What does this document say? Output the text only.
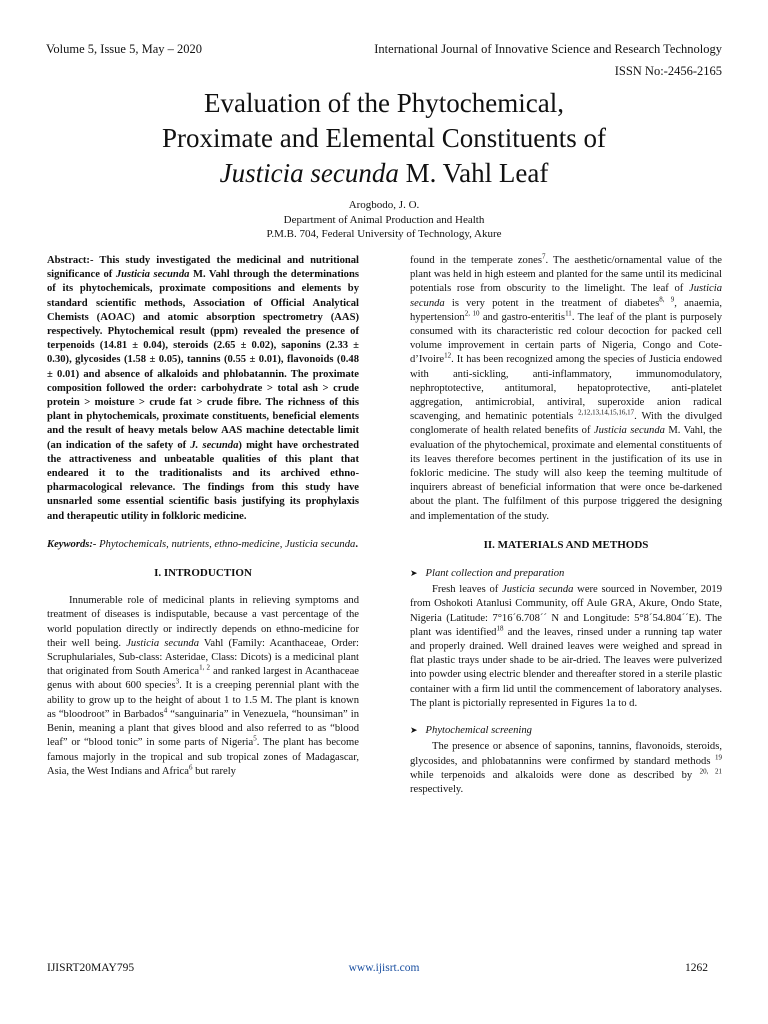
Volume 5, Issue 5, May – 2020	International Journal of Innovative Science and Research Technology
ISSN No:-2456-2165
Evaluation of the Phytochemical,
Proximate and Elemental Constituents of
Justicia secunda M. Vahl Leaf
Arogbodo, J. O.
Department of Animal Production and Health
P.M.B. 704, Federal University of Technology, Akure

Abstract:- This study investigated the medicinal and nutritional significance of Justicia secunda M. Vahl through the determinations of its phytochemicals, proximate compositions and elements by standard scientific methods, Association of Official Analytical Chemists (AOAC) and atomic absorption spectrometry (AAS) respectively. Phytochemical result (ppm) revealed the presence of terpenoids (14.81 ± 0.04), steroids (2.65 ± 0.02), saponins (2.33 ± 0.30), glycosides (1.58 ± 0.05), tannins (0.55 ± 0.01), flavonoids (0.48 ± 0.01) and absence of alkaloids and phlobatannin. The proximate composition followed the order: carbohydrate > total ash > crude protein > moisture > crude fat > crude fibre. The richness of this plant in phytochemicals, proximate constituents, beneficial elements and the result of heavy metals below AAS machine detectable limit (an indication of the safety of J. secunda) might have orchestrated the attractiveness and unbeatable qualities of this plant that endeared it to the traditionalists and its archived ethno-pharmacological relevance. The findings from this study have unsnarled some essential scientific basis justifying its prophylaxis and therapeutic utility in folkloric medicine.

Keywords:- Phytochemicals, nutrients, ethno-medicine, Justicia secunda.

I. INTRODUCTION

Innumerable role of medicinal plants in relieving symptoms and treatment of diseases is indisputable, because a vast percentage of the world population directly or indirectly depends on ethno-medicine for their well being. Justicia secunda Vahl (Family: Acanthaceae, Order: Scruphulariales, Sub-class: Asteridae, Class: Dicots) is a medicinal plant that originated from South America$^{1, 2}$ and ranked largest in Acanthaceae genus with about 600 species$^3$. It is a creeping perennial plant with the ability to grow up to the height of about 1 to 1.5 M. The plant is known as “bloodroot” in Barbados$^4$ “sanguinaria” in Venezuela, “hounsiman” in Benin, meaning a plant that gives blood and also referred to as “blood leaf” or “blood tonic” in some parts of Nigeria$^5$. The plant has become famous majorly in the tropical and sub tropical zones of Madagascar, Asia, the West Indians and Africa$^6$ but rarely

found in the temperate zones$^7$. The aesthetic/ornamental value of the plant was held in high esteem and planted for the same until its medicinal potentials rose from obscurity to the limelight. The leaf of Justicia secunda is very potent in the treatment of diabetes$^{8, 9}$, anaemia, hypertension$^{2, 10}$ and gastro-enteritis$^{11}$. The leaf of the plant is purposely consumed with its characteristic red colour decoction for packed cell volume improvement in certain parts of Nigeria, Congo and Cote-d’Ivoire$^{12}$. It has been recognized among the species of Justicia endowed with anti-sickling, anti-inflammatory, immunomodulatory, nephroptotective, antitumoral, hepatoprotective, anti-platelet aggregation, antimicrobial, antiviral, superoxide anion radical scavenging, and hematinic potentials $^{2,12,13,14,15,16,17}$. With the divulged conglomerate of health related benefits of Justicia secunda M. Vahl, the evaluation of the phytochemical, proximate and elemental constituents of its leaves therefore becomes pertinent in the justification of its use in fokloric medicine. The study will also keep the teeming multitude of inquirers abreast of beneficial information that were once be-darkened about the plant. The fulfilment of this purpose triggered the designing and implementation of the study.

II. MATERIALS AND METHODS

➤ Plant collection and preparation

Fresh leaves of Justicia secunda were sourced in November, 2019 from Oshokoti Atanlusi Community, off Aule GRA, Akure, Ondo State, Nigeria (Latitude: 7°16´6.708´´ N and Longitude: 5°8´54.804´´E). The plant was identified$^{18}$ and the leaves, rinsed under a running tap water and properly drained. Well drained leaves were weighed and spread in flat plastic trays under shade to be air-dried. The leaves were pulverized into powder using electric blender and thereafter stored in a sterile plastic container with a firm lid until the commencement of laboratory analyses. The plant is pictorially represented in Figures 1a to d.

➤ Phytochemical screening

The presence or absence of saponins, tannins, flavonoids, steroids, glycosides, and phlobatannins were confirmed by standard methods $^{19}$ while terpenoids and alkaloids were done as described by $^{20, 21}$ respectively.

IJISRT20MAY795	www.ijisrt.com	1262
